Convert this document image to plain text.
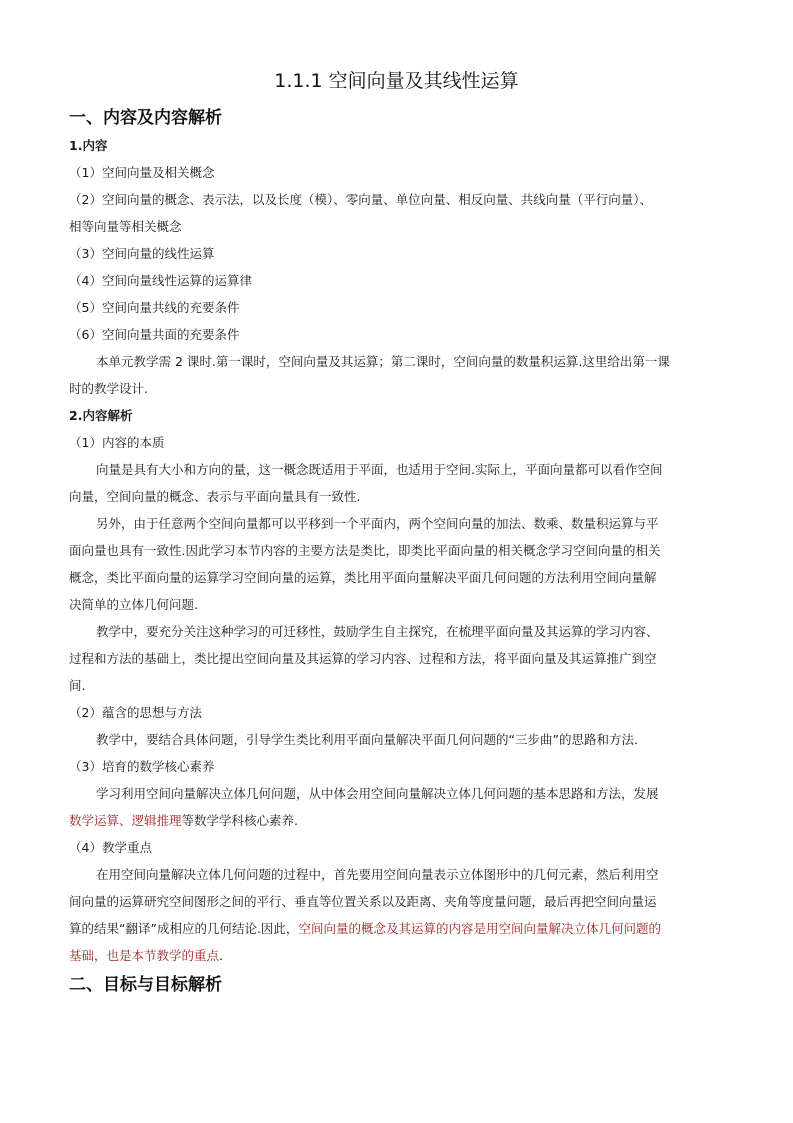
1.1.1 空间向量及其线性运算

一、内容及内容解析

1.内容

（1）空间向量及相关概念

（2）空间向量的概念、表示法，以及长度（模）、零向量、单位向量、相反向量、共线向量（平行向量）、

相等向量等相关概念

（3）空间向量的线性运算

（4）空间向量线性运算的运算律

（5）空间向量共线的充要条件

（6）空间向量共面的充要条件

本单元教学需 2 课时.第一课时，空间向量及其运算；第二课时，空间向量的数量积运算.这里给出第一课

时的教学设计.

2.内容解析

（1）内容的本质

向量是具有大小和方向的量，这一概念既适用于平面，也适用于空间.实际上，平面向量都可以看作空间

向量，空间向量的概念、表示与平面向量具有一致性.

另外，由于任意两个空间向量都可以平移到一个平面内，两个空间向量的加法、数乘、数量积运算与平

面向量也具有一致性.因此学习本节内容的主要方法是类比，即类比平面向量的相关概念学习空间向量的相关

概念，类比平面向量的运算学习空间向量的运算，类比用平面向量解决平面几何问题的方法利用空间向量解

决简单的立体几何问题.

教学中，要充分关注这种学习的可迁移性，鼓励学生自主探究，在梳理平面向量及其运算的学习内容、

过程和方法的基础上，类比提出空间向量及其运算的学习内容、过程和方法，将平面向量及其运算推广到空

间.

（2）蕴含的思想与方法

教学中，要结合具体问题，引导学生类比利用平面向量解决平面几何问题的“三步曲”的思路和方法.

（3）培育的数学核心素养

学习利用空间向量解决立体几何问题，从中体会用空间向量解决立体几何问题的基本思路和方法，发展

数学运算、逻辑推理等数学学科核心素养.

（4）教学重点

在用空间向量解决立体几何问题的过程中，首先要用空间向量表示立体图形中的几何元素，然后利用空

间向量的运算研究空间图形之间的平行、垂直等位置关系以及距离、夹角等度量问题，最后再把空间向量运

算的结果“翻译”成相应的几何结论.因此，空间向量的概念及其运算的内容是用空间向量解决立体几何问题的

基础，也是本节教学的重点.

二、目标与目标解析
